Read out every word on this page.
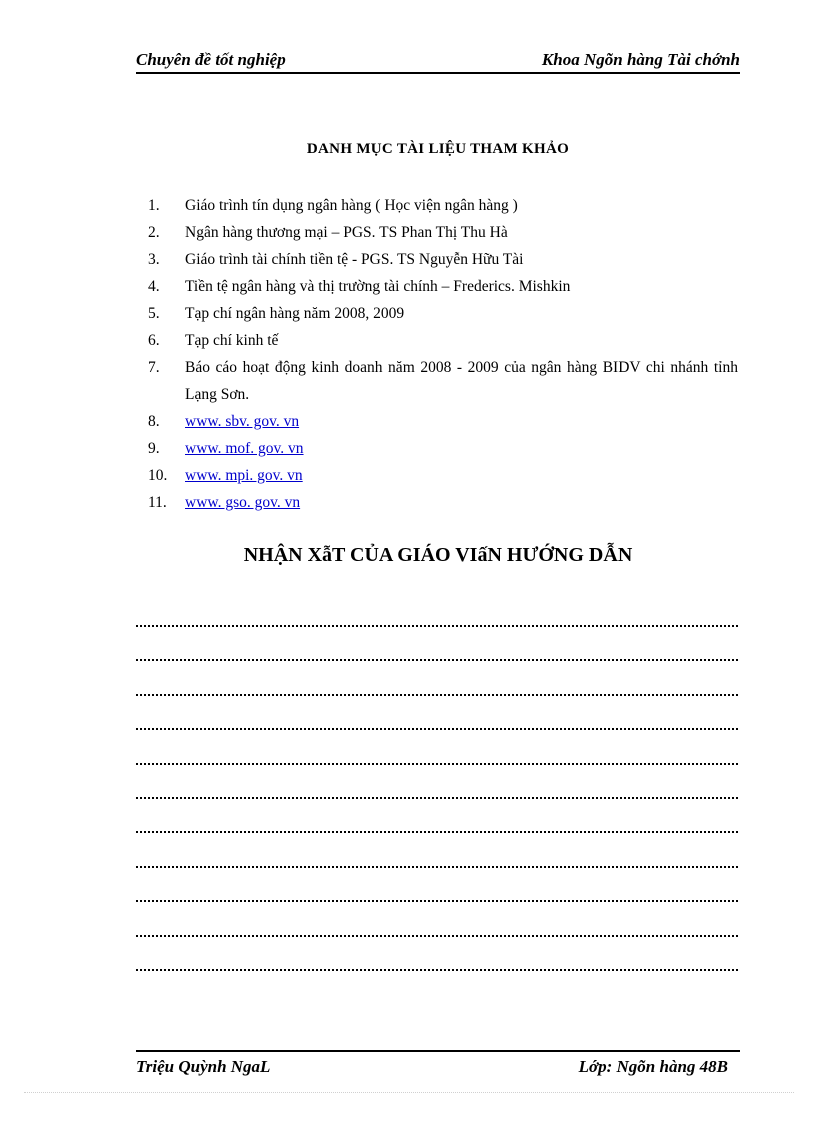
Chuyên đề tốt nghiệp	Khoa Ngõn hàng Tài chớnh
DANH MỤC TÀI LIỆU THAM KHẢO
1. Giáo trình tín dụng ngân hàng ( Học viện ngân hàng )
2. Ngân hàng thương mại – PGS. TS Phan Thị Thu Hà
3. Giáo trình tài chính tiền tệ - PGS. TS Nguyễn Hữu Tài
4. Tiền tệ ngân hàng và thị trường tài chính – Frederics. Mishkin
5. Tạp chí ngân hàng năm 2008, 2009
6. Tạp chí kinh tế
7. Báo cáo hoạt động kinh doanh năm 2008 - 2009 của ngân hàng BIDV chi nhánh tỉnh Lạng Sơn.
8. www. sbv. gov. vn
9. www. mof. gov. vn
10. www. mpi. gov. vn
11. www. gso. gov. vn
NHẬN XẫT CỦA GIÁO VIấN HƯỚNG DẪN
Triệu Quỳnh NgaL	Lớp: Ngõn hàng 48B
